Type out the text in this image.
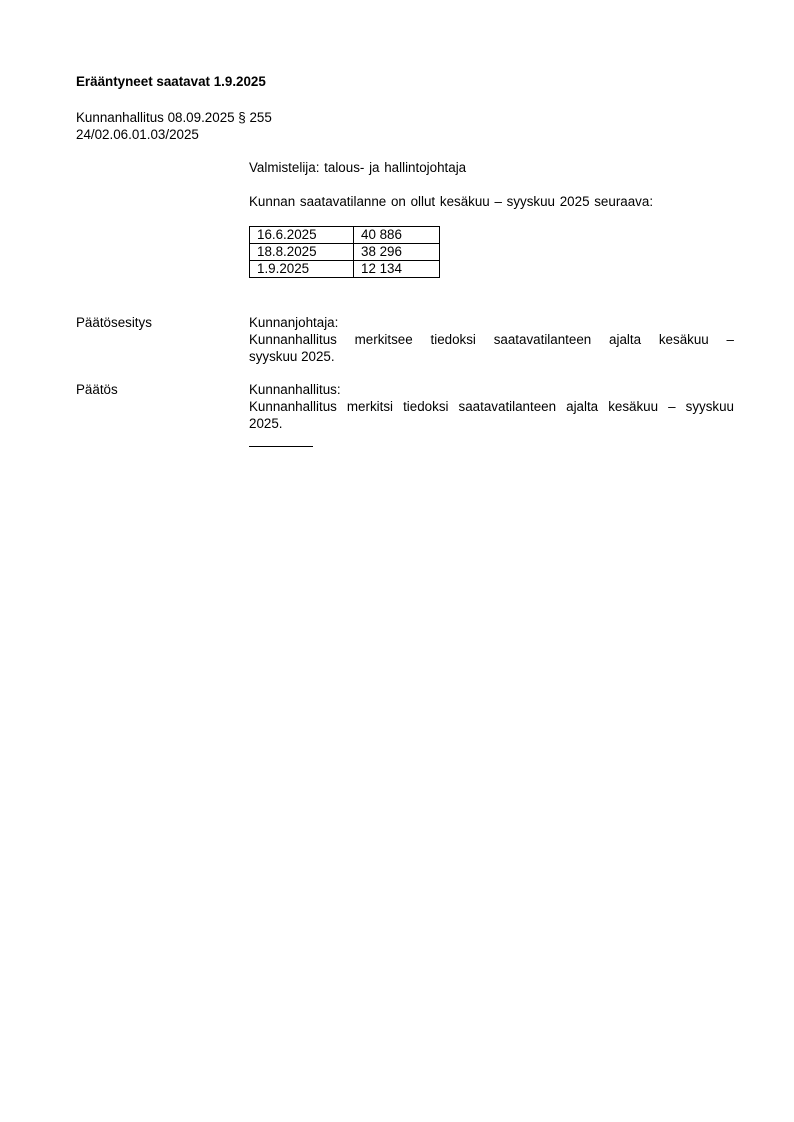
Erääntyneet saatavat 1.9.2025
Kunnanhallitus 08.09.2025 § 255
24/02.06.01.03/2025
Valmistelija: talous- ja hallintojohtaja
Kunnan saatavatilanne on ollut kesäkuu – syyskuu 2025 seuraava:
16.6.2025	40 886
18.8.2025	38 296
1.9.2025	12 134
Päätösesitys	Kunnanjohtaja:
Kunnanhallitus merkitsee tiedoksi saatavatilanteen ajalta kesäkuu –
syyskuu 2025.
Päätös	Kunnanhallitus:
Kunnanhallitus merkitsi tiedoksi saatavatilanteen ajalta kesäkuu – syyskuu
2025.
